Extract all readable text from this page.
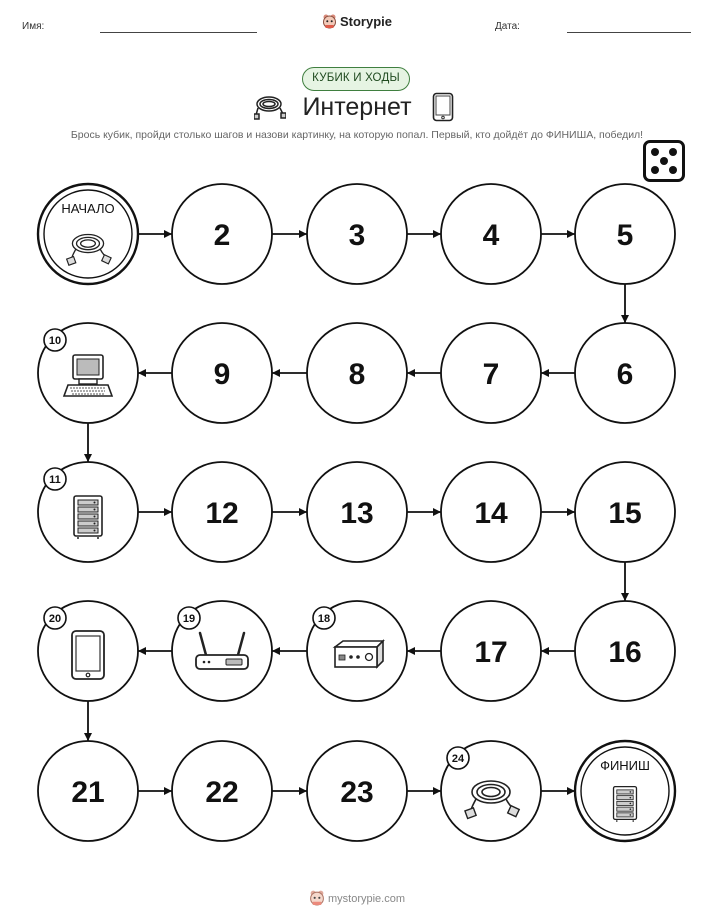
Имя:	Storypie	Дата:
КУБИК И ХОДЫ
Интернет
Брось кубик, пройди столько шагов и назови картинку, на которую попал. Первый, кто дойдёт до ФИНИША, победил!
НАЧАЛО
2	3	4	5
6
7
8
9
10
11
12	13	14	15
16
17
18
19
20
21	22	23
24	ФИНИШ
mystorypie.com
